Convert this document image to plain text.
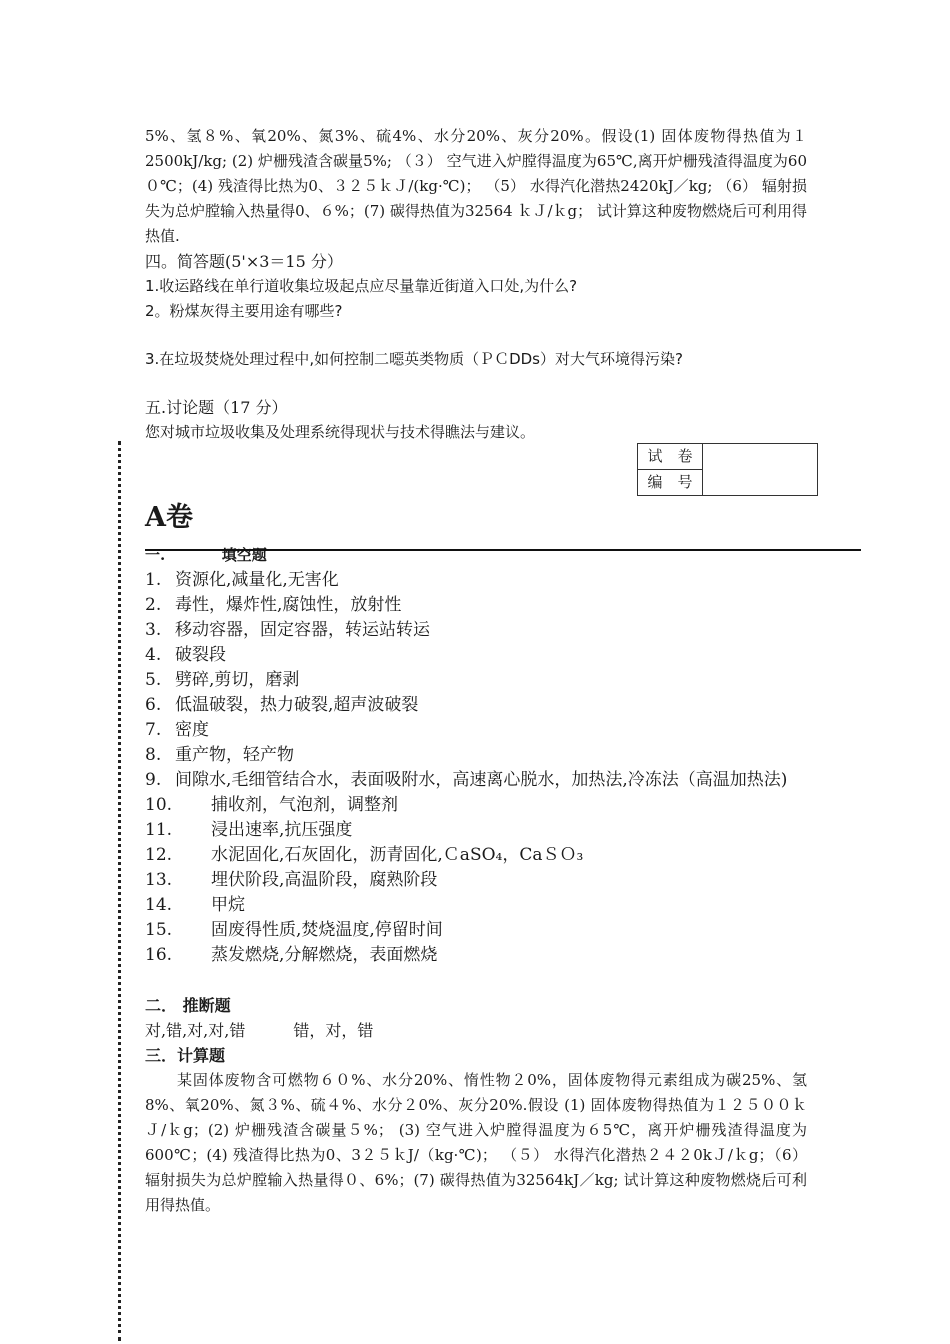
5%、氢８%、氧20%、氮3%、硫4%、水分20%、灰分20%。假设(1) 固体废物得热值为１ 2500kJ/kg; (2) 炉栅残渣含碳量5%; （３） 空气进入炉膛得温度为65℃,离开炉栅残渣得温度为60 ０℃；(4) 残渣得比热为0、３２５ｋＪ/(kg·℃)； （5） 水得汽化潜热2420kJ／kg; （6） 辐射损失为总炉膛输入热量得0、６%；(7) 碳得热值为32564 ｋＪ/ｋg； 试计算这种废物燃烧后可利用得热值.

四。简答题(5'×3＝15 分）
1.收运路线在单行道收集垃圾起点应尽量靠近街道入口处,为什么?
2。粉煤灰得主要用途有哪些?
3.在垃圾焚烧处理过程中,如何控制二噁英类物质（ＰＣDDs）对大气环境得污染?
五.讨论题（17 分）
您对城市垃圾收集及处理系统得现状与技术得瞧法与建议。
试　卷	
编　号
A卷
一.	填空题
1. 资源化,减量化,无害化
2. 毒性，爆炸性,腐蚀性，放射性
3. 移动容器，固定容器，转运站转运
4. 破裂段
5. 劈碎,剪切，磨剥
6. 低温破裂，热力破裂,超声波破裂
7. 密度
8. 重产物，轻产物
9. 间隙水,毛细管结合水，表面吸附水，高速离心脱水，加热法,冷冻法（高温加热法)
10.	捕收剂，气泡剂，调整剂
11.	浸出速率,抗压强度
12.	水泥固化,石灰固化，沥青固化,ＣaSO₄，CaＳＯ₃
13.	埋伏阶段,高温阶段，腐熟阶段
14.	甲烷
15.	固废得性质,焚烧温度,停留时间
16.	蒸发燃烧,分解燃烧，表面燃烧
二． 推断题
对,错,对,对,错　　　错，对，错
三．计算题

某固体废物含可燃物６０%、水分20%、惰性物２0%，固体废物得元素组成为碳25%、氢8%、氧20%、氮３%、硫４%、水分２0%、灰分20%.假设 (1) 固体废物得热值为１２５００ｋＪ/ｋg；(2) 炉栅残渣含碳量５%； (3) 空气进入炉膛得温度为６5℃，离开炉栅残渣得温度为600℃；(4) 残渣得比热为0、3２５ｋJ/（kg·℃)； （５） 水得汽化潜热２４２0kＪ/ｋg；（6） 辐射损失为总炉膛输入热量得０、6%；(7) 碳得热值为32564kJ／kg; 试计算这种废物燃烧后可利用得热值。
